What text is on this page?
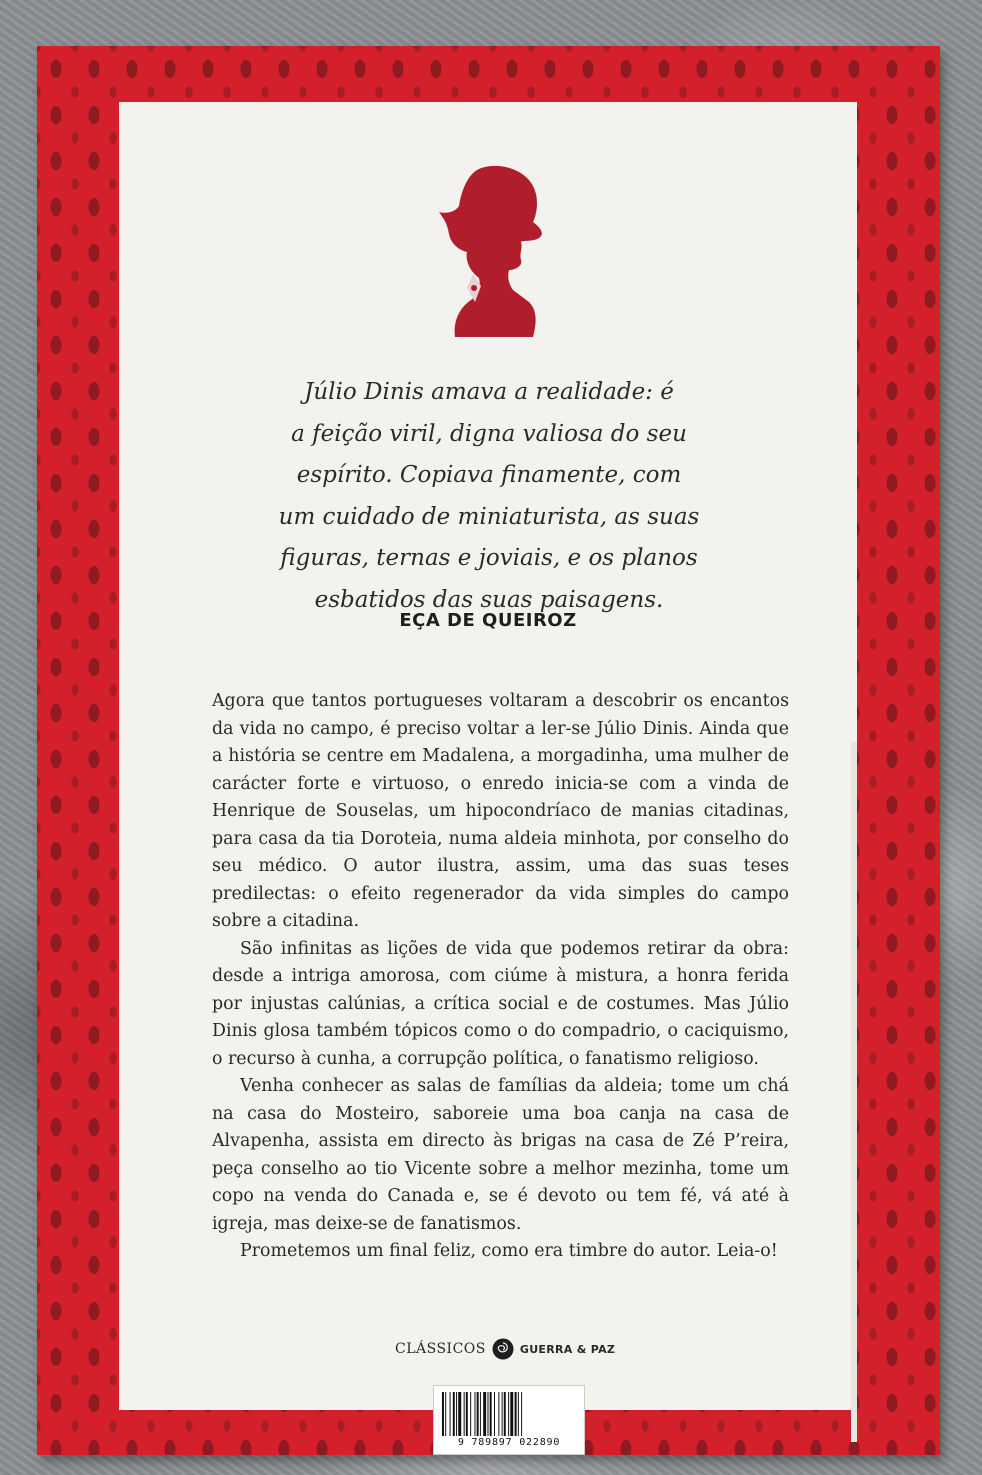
Júlio Dinis amava a realidade: é
a feição viril, digna valiosa do seu
espírito. Copiava finamente, com
um cuidado de miniaturista, as suas
figuras, ternas e joviais, e os planos
esbatidos das suas paisagens.

EÇA DE QUEIROZ

Agora que tantos portugueses voltaram a descobrir os encantos da vida no campo, é preciso voltar a ler-se Júlio Dinis. Ainda que a história se centre em Madalena, a morgadinha, uma mulher de carácter forte e virtuoso, o enredo inicia-se com a vinda de Henrique de Souselas, um hipocondríaco de manias citadinas, para casa da tia Doroteia, numa aldeia minhota, por conselho do seu médico. O autor ilustra, assim, uma das suas teses predilectas: o efeito regenerador da vida simples do campo sobre a citadina.

São infinitas as lições de vida que podemos retirar da obra: desde a intriga amorosa, com ciúme à mistura, a honra ferida por injustas calúnias, a crítica social e de costumes. Mas Júlio Dinis glosa também tópicos como o do compadrio, o caciquismo, o recurso à cunha, a corrupção política, o fanatismo religioso.

Venha conhecer as salas de famílias da aldeia; tome um chá na casa do Mosteiro, saboreie uma boa canja na casa de Alvapenha, assista em directo às brigas na casa de Zé P’reira, peça conselho ao tio Vicente sobre a melhor mezinha, tome um copo na venda do Canada e, se é devoto ou tem fé, vá até à igreja, mas deixe-se de fanatismos.

Prometemos um final feliz, como era timbre do autor. Leia-o!

CLÁSSICOS	GUERRA & PAZ
9 789897 022890
